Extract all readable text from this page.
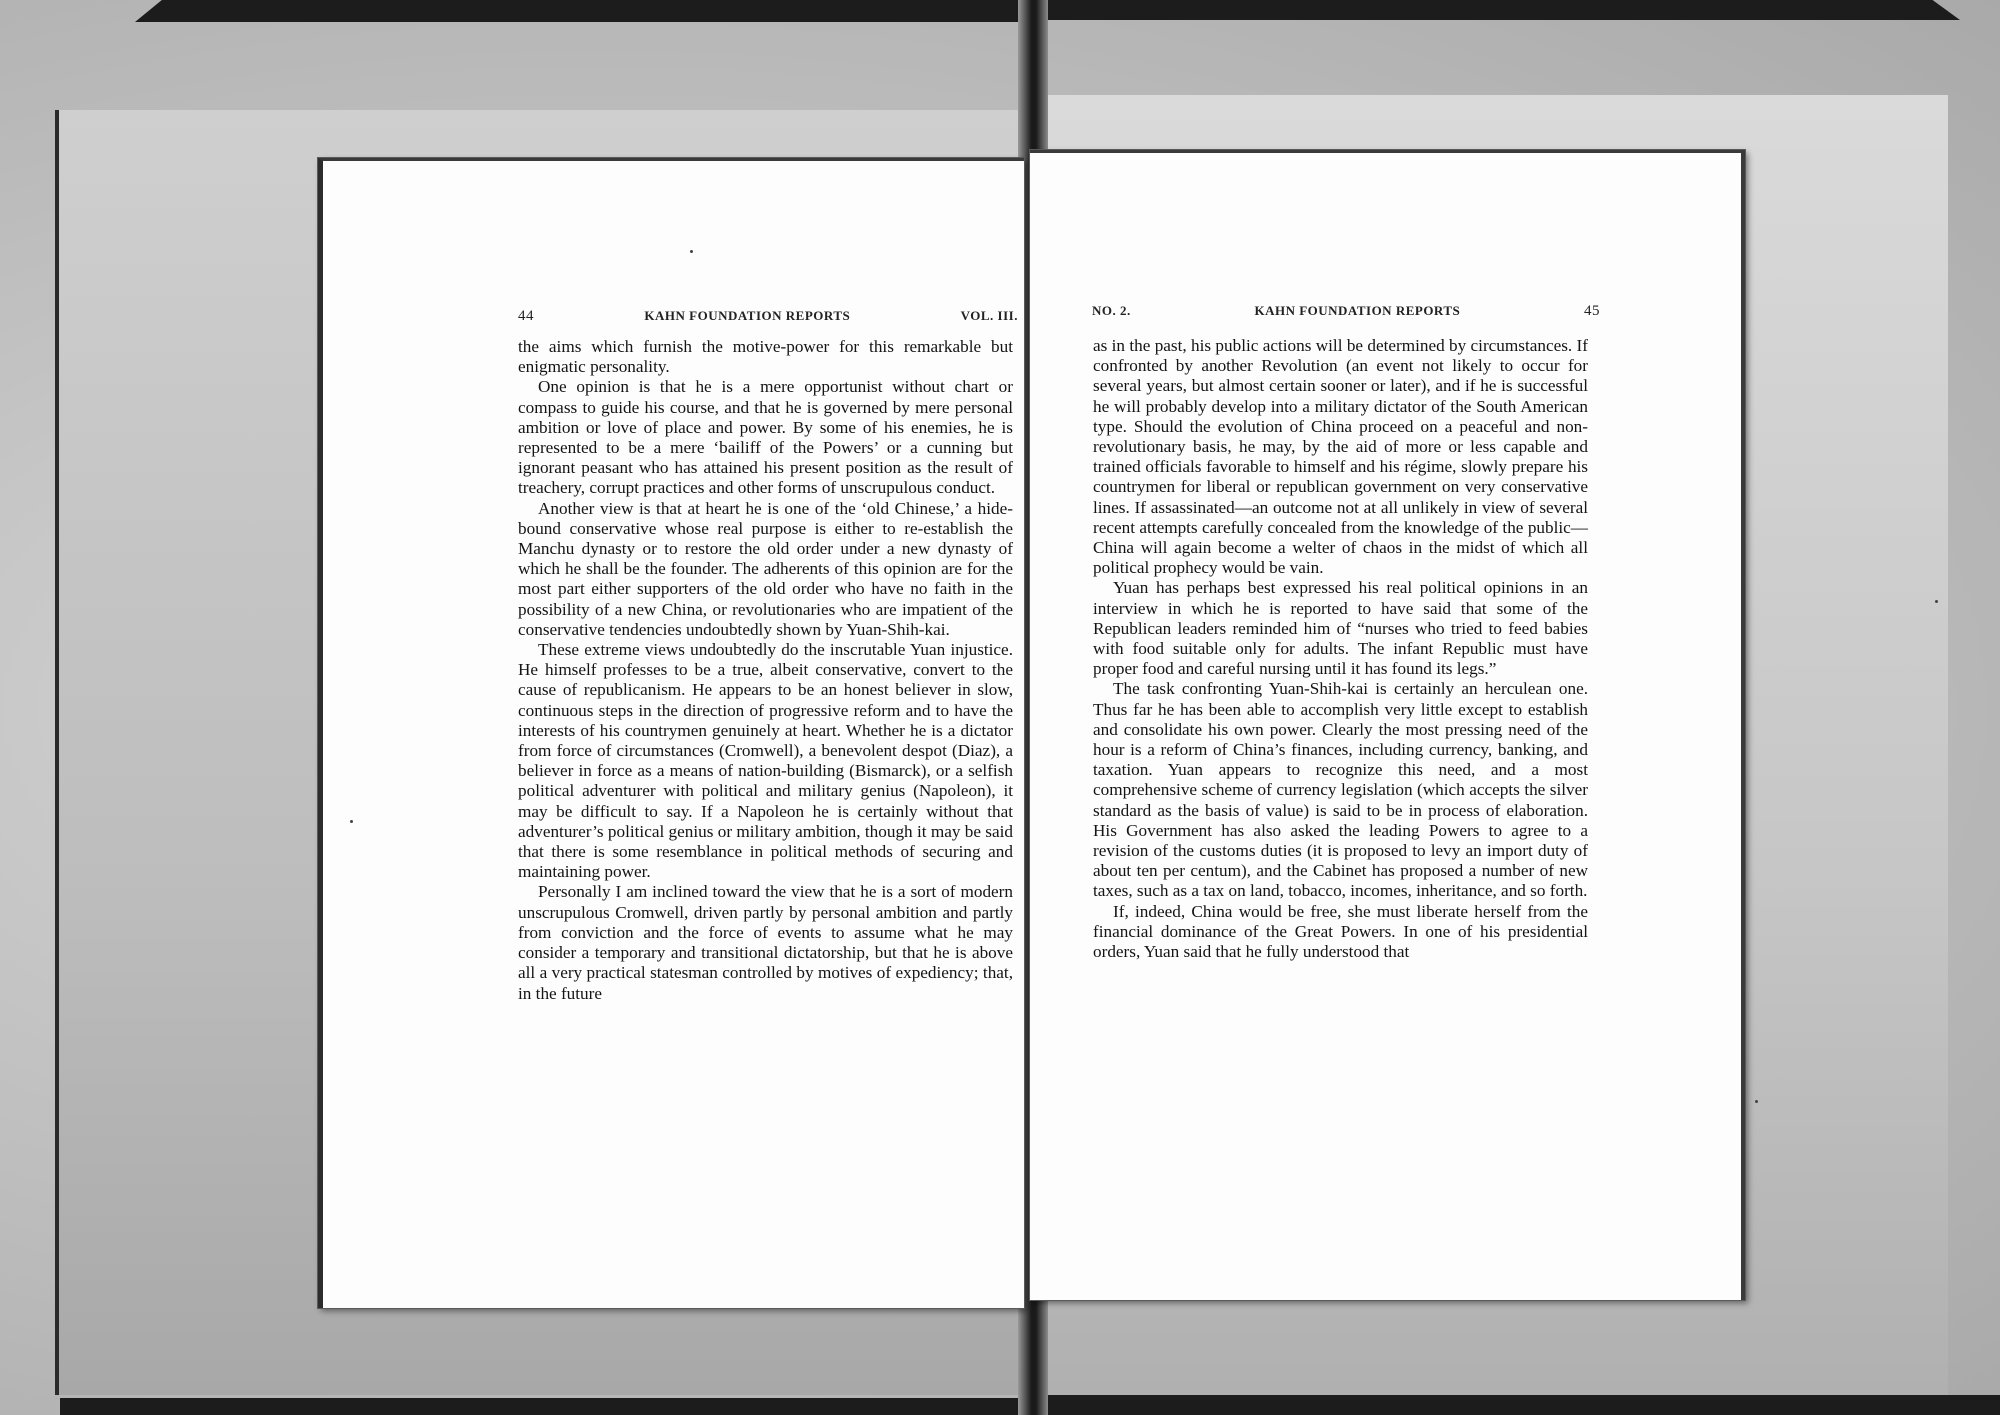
44	KAHN FOUNDATION REPORTS	VOL. III.

the aims which furnish the motive-power for this remarkable but enigmatic personality.

One opinion is that he is a mere opportunist without chart or compass to guide his course, and that he is governed by mere personal ambition or love of place and power. By some of his enemies, he is represented to be a mere ‘bailiff of the Powers’ or a cunning but ignorant peasant who has attained his present position as the result of treachery, corrupt practices and other forms of unscrupulous conduct.

Another view is that at heart he is one of the ‘old Chinese,’ a hide-bound conservative whose real purpose is either to re-establish the Manchu dynasty or to restore the old order under a new dynasty of which he shall be the founder. The adherents of this opinion are for the most part either supporters of the old order who have no faith in the possibility of a new China, or revolutionaries who are impatient of the conservative tendencies undoubtedly shown by Yuan-Shih-kai.

These extreme views undoubtedly do the inscrutable Yuan injustice. He himself professes to be a true, albeit conservative, convert to the cause of republicanism. He appears to be an honest believer in slow, continuous steps in the direction of progressive reform and to have the interests of his countrymen genuinely at heart. Whether he is a dictator from force of circumstances (Cromwell), a benevolent despot (Diaz), a believer in force as a means of nation-building (Bismarck), or a selfish political adventurer with political and military genius (Napoleon), it may be difficult to say. If a Napoleon he is certainly without that adventurer’s political genius or military ambition, though it may be said that there is some resemblance in political methods of securing and maintaining power.

Personally I am inclined toward the view that he is a sort of modern unscrupulous Cromwell, driven partly by personal ambition and partly from conviction and the force of events to assume what he may consider a temporary and transitional dictatorship, but that he is above all a very practical statesman controlled by motives of expediency; that, in the future

NO. 2.	KAHN FOUNDATION REPORTS	45

as in the past, his public actions will be determined by circumstances. If confronted by another Revolution (an event not likely to occur for several years, but almost certain sooner or later), and if he is successful he will probably develop into a military dictator of the South American type. Should the evolution of China proceed on a peaceful and non-revolutionary basis, he may, by the aid of more or less capable and trained officials favorable to himself and his régime, slowly prepare his countrymen for liberal or republican government on very conservative lines. If assassinated—an outcome not at all unlikely in view of several recent attempts carefully concealed from the knowledge of the public—China will again become a welter of chaos in the midst of which all political prophecy would be vain.

Yuan has perhaps best expressed his real political opinions in an interview in which he is reported to have said that some of the Republican leaders reminded him of “nurses who tried to feed babies with food suitable only for adults. The infant Republic must have proper food and careful nursing until it has found its legs.”

The task confronting Yuan-Shih-kai is certainly an herculean one. Thus far he has been able to accomplish very little except to establish and consolidate his own power. Clearly the most pressing need of the hour is a reform of China’s finances, including currency, banking, and taxation. Yuan appears to recognize this need, and a most comprehensive scheme of currency legislation (which accepts the silver standard as the basis of value) is said to be in process of elaboration. His Government has also asked the leading Powers to agree to a revision of the customs duties (it is proposed to levy an import duty of about ten per centum), and the Cabinet has proposed a number of new taxes, such as a tax on land, tobacco, incomes, inheritance, and so forth.

If, indeed, China would be free, she must liberate herself from the financial dominance of the Great Powers. In one of his presidential orders, Yuan said that he fully understood that
